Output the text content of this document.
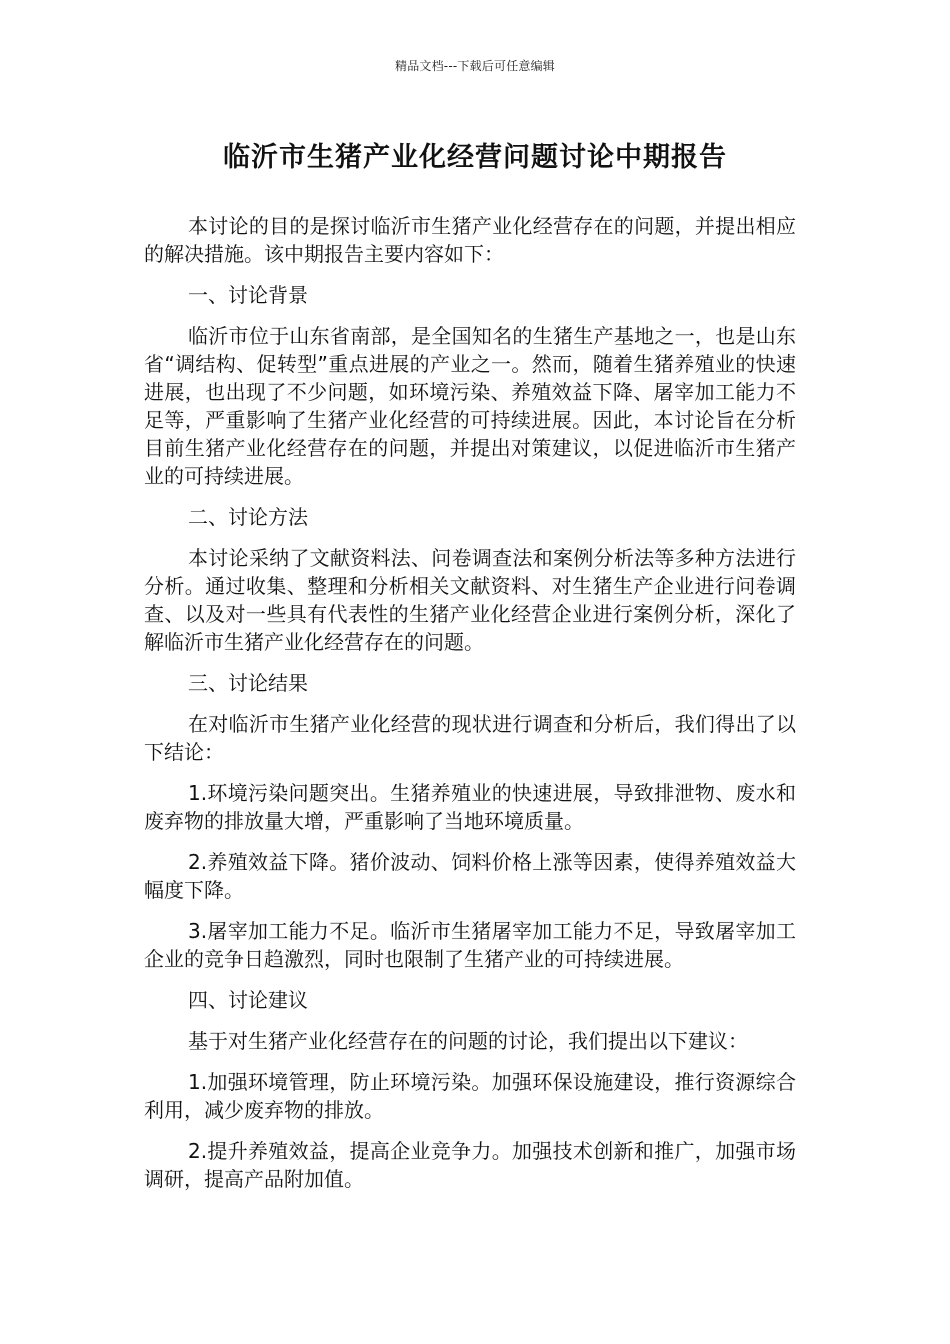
精品文档---下载后可任意编辑
临沂市生猪产业化经营问题讨论中期报告

本讨论的目的是探讨临沂市生猪产业化经营存在的问题，并提出相应的解决措施。该中期报告主要内容如下：

一、讨论背景

临沂市位于山东省南部，是全国知名的生猪生产基地之一，也是山东省“调结构、促转型”重点进展的产业之一。然而，随着生猪养殖业的快速进展，也出现了不少问题，如环境污染、养殖效益下降、屠宰加工能力不足等，严重影响了生猪产业化经营的可持续进展。因此，本讨论旨在分析目前生猪产业化经营存在的问题，并提出对策建议，以促进临沂市生猪产业的可持续进展。

二、讨论方法

本讨论采纳了文献资料法、问卷调查法和案例分析法等多种方法进行分析。通过收集、整理和分析相关文献资料、对生猪生产企业进行问卷调查、以及对一些具有代表性的生猪产业化经营企业进行案例分析，深化了解临沂市生猪产业化经营存在的问题。

三、讨论结果

在对临沂市生猪产业化经营的现状进行调查和分析后，我们得出了以下结论：

1.环境污染问题突出。生猪养殖业的快速进展，导致排泄物、废水和废弃物的排放量大增，严重影响了当地环境质量。

2.养殖效益下降。猪价波动、饲料价格上涨等因素，使得养殖效益大幅度下降。

3.屠宰加工能力不足。临沂市生猪屠宰加工能力不足，导致屠宰加工企业的竞争日趋激烈，同时也限制了生猪产业的可持续进展。

四、讨论建议

基于对生猪产业化经营存在的问题的讨论，我们提出以下建议：

1.加强环境管理，防止环境污染。加强环保设施建设，推行资源综合利用，减少废弃物的排放。

2.提升养殖效益，提高企业竞争力。加强技术创新和推广，加强市场调研，提高产品附加值。
